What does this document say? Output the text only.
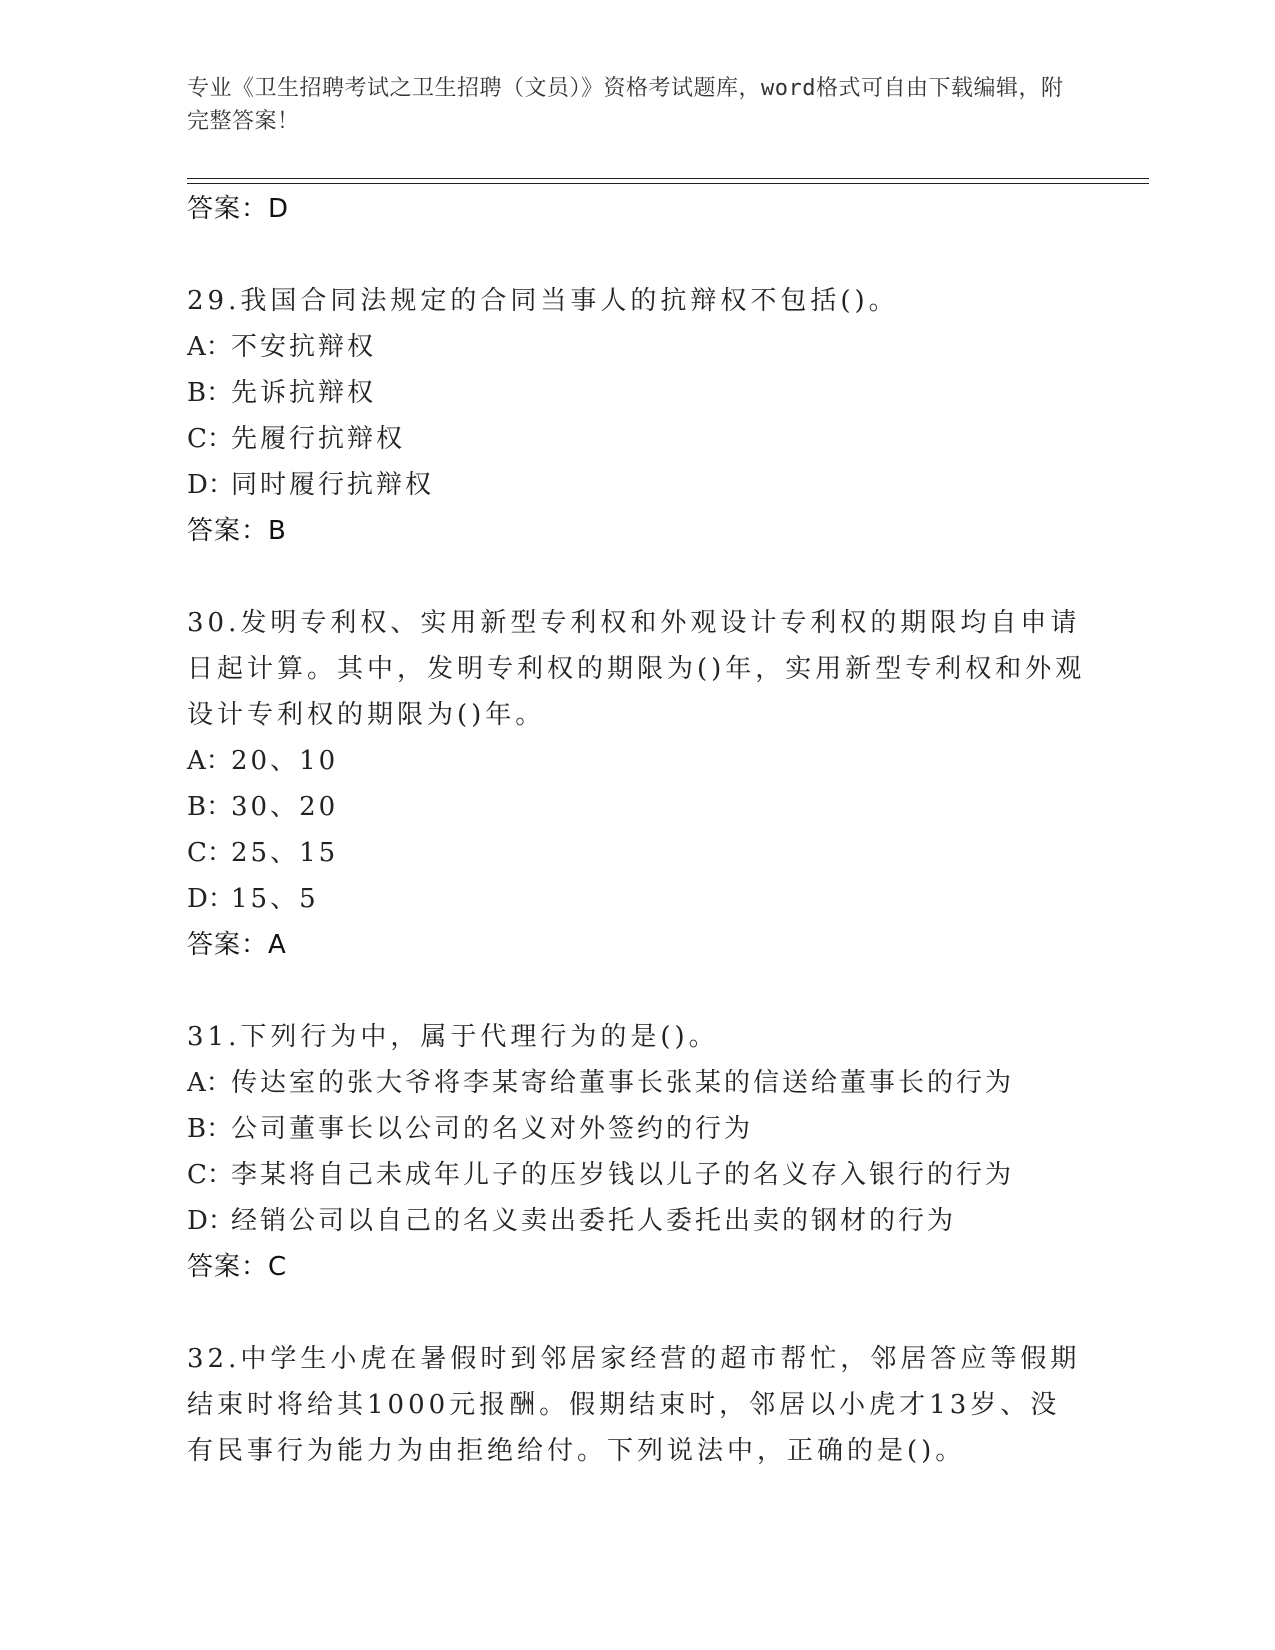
专业《卫生招聘考试之卫生招聘（文员）》资格考试题库，word格式可自由下载编辑，附完整答案！
答案：D
29.我国合同法规定的合同当事人的抗辩权不包括()。
A：不安抗辩权
B：先诉抗辩权
C：先履行抗辩权
D：同时履行抗辩权
答案：B
30.发明专利权、实用新型专利权和外观设计专利权的期限均自申请日起计算。其中，发明专利权的期限为()年，实用新型专利权和外观设计专利权的期限为()年。
A：20、10
B：30、20
C：25、15
D：15、5
答案：A
31.下列行为中，属于代理行为的是()。
A：传达室的张大爷将李某寄给董事长张某的信送给董事长的行为
B：公司董事长以公司的名义对外签约的行为
C：李某将自己未成年儿子的压岁钱以儿子的名义存入银行的行为
D：经销公司以自己的名义卖出委托人委托出卖的钢材的行为
答案：C
32.中学生小虎在暑假时到邻居家经营的超市帮忙，邻居答应等假期结束时将给其1000元报酬。假期结束时，邻居以小虎才13岁、没有民事行为能力为由拒绝给付。下列说法中，正确的是()。
